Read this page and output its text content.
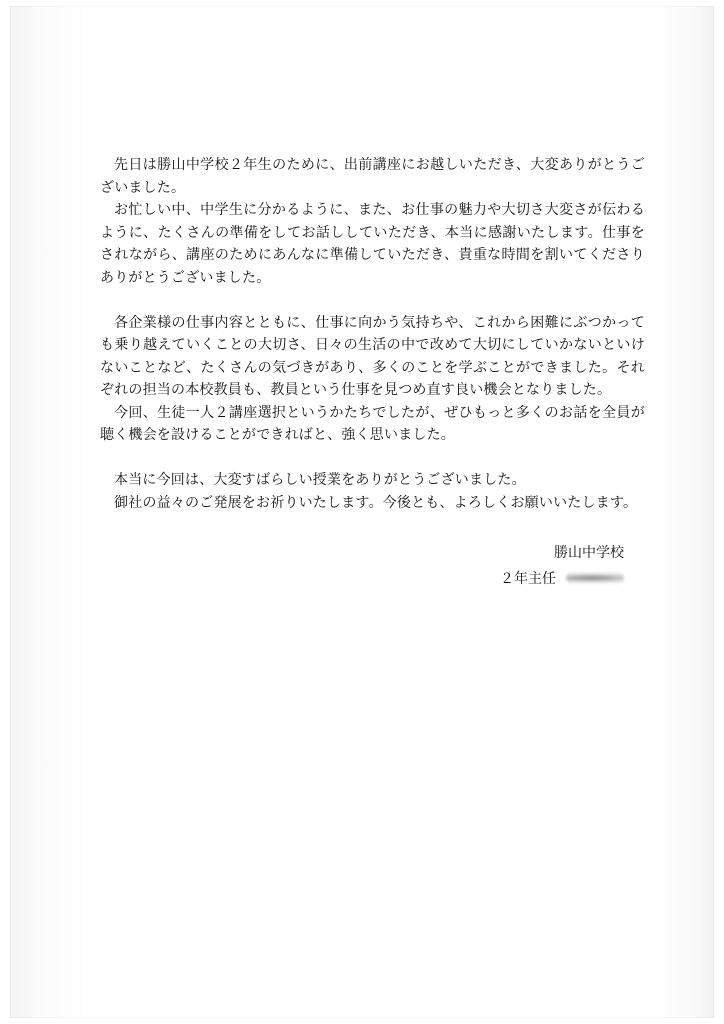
先日は勝山中学校２年生のために、出前講座にお越しいただき、大変ありがとうございました。

お忙しい中、中学生に分かるように、また、お仕事の魅力や大切さ大変さが伝わるように、たくさんの準備をしてお話ししていただき、本当に感謝いたします。仕事をされながら、講座のためにあんなに準備していただき、貴重な時間を割いてくださりありがとうございました。

各企業様の仕事内容とともに、仕事に向かう気持ちや、これから困難にぶつかっても乗り越えていくことの大切さ、日々の生活の中で改めて大切にしていかないといけないことなど、たくさんの気づきがあり、多くのことを学ぶことができました。それぞれの担当の本校教員も、教員という仕事を見つめ直す良い機会となりました。

今回、生徒一人２講座選択というかたちでしたが、ぜひもっと多くのお話を全員が聴く機会を設けることができればと、強く思いました。

本当に今回は、大変すばらしい授業をありがとうございました。

御社の益々のご発展をお祈りいたします。今後とも、よろしくお願いいたします。

勝山中学校
２年主任
